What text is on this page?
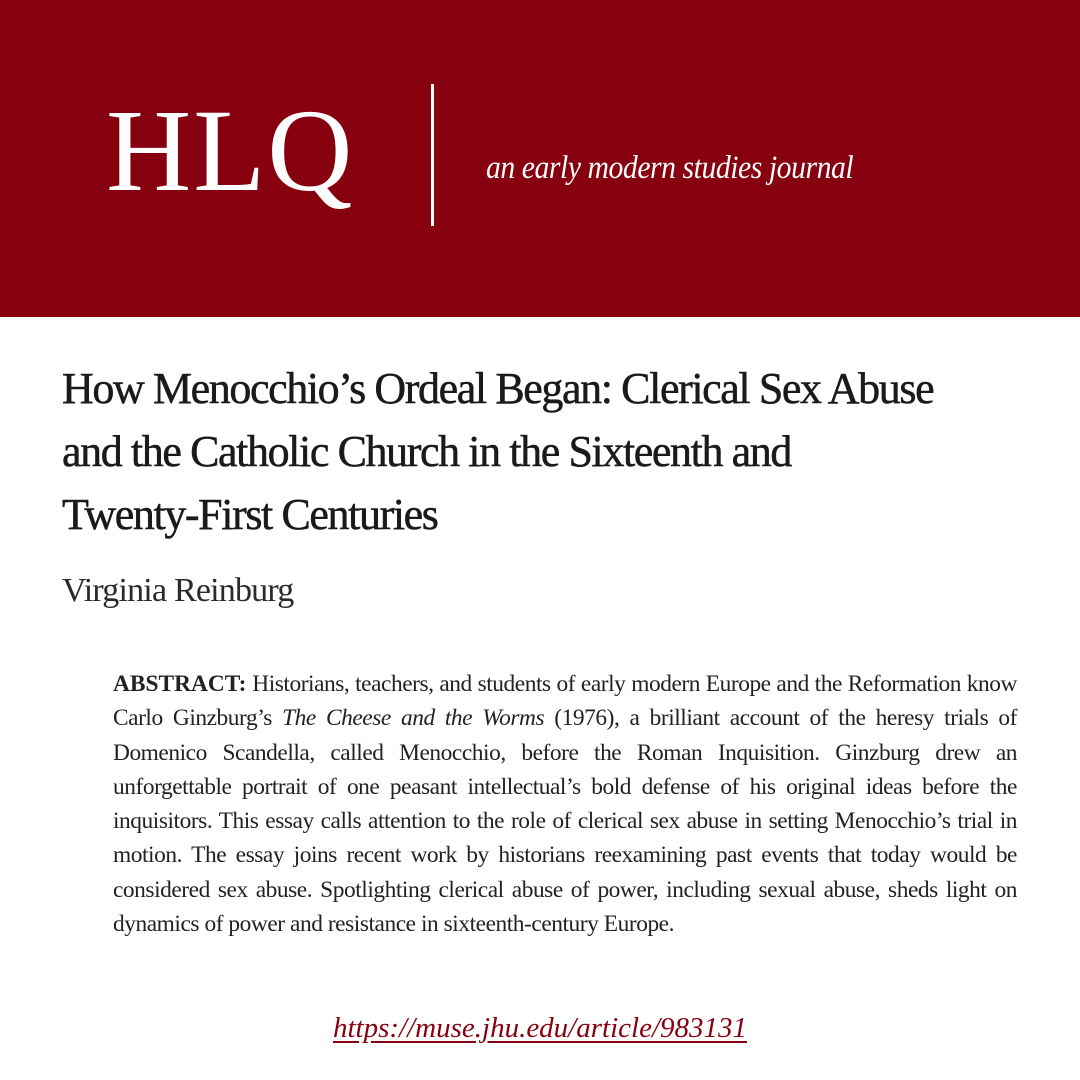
HLQ	an early modern studies journal
How Menocchio’s Ordeal Began: Clerical Sex Abuse
and the Catholic Church in the Sixteenth and
Twenty-First Centuries
Virginia Reinburg

ABSTRACT: Historians, teachers, and students of early modern Europe and the Reformation know Carlo Ginzburg’s The Cheese and the Worms (1976), a brilliant account of the heresy trials of Domenico Scandella, called Menocchio, before the Roman Inquisition. Ginzburg drew an unforgettable portrait of one peasant intellectual’s bold defense of his original ideas before the inquisitors. This essay calls attention to the role of clerical sex abuse in setting Menocchio’s trial in motion. The essay joins recent work by historians reexamining past events that today would be considered sex abuse. Spotlighting clerical abuse of power, including sexual abuse, sheds light on dynamics of power and resistance in sixteenth-century Europe.

https://muse.jhu.edu/article/983131
